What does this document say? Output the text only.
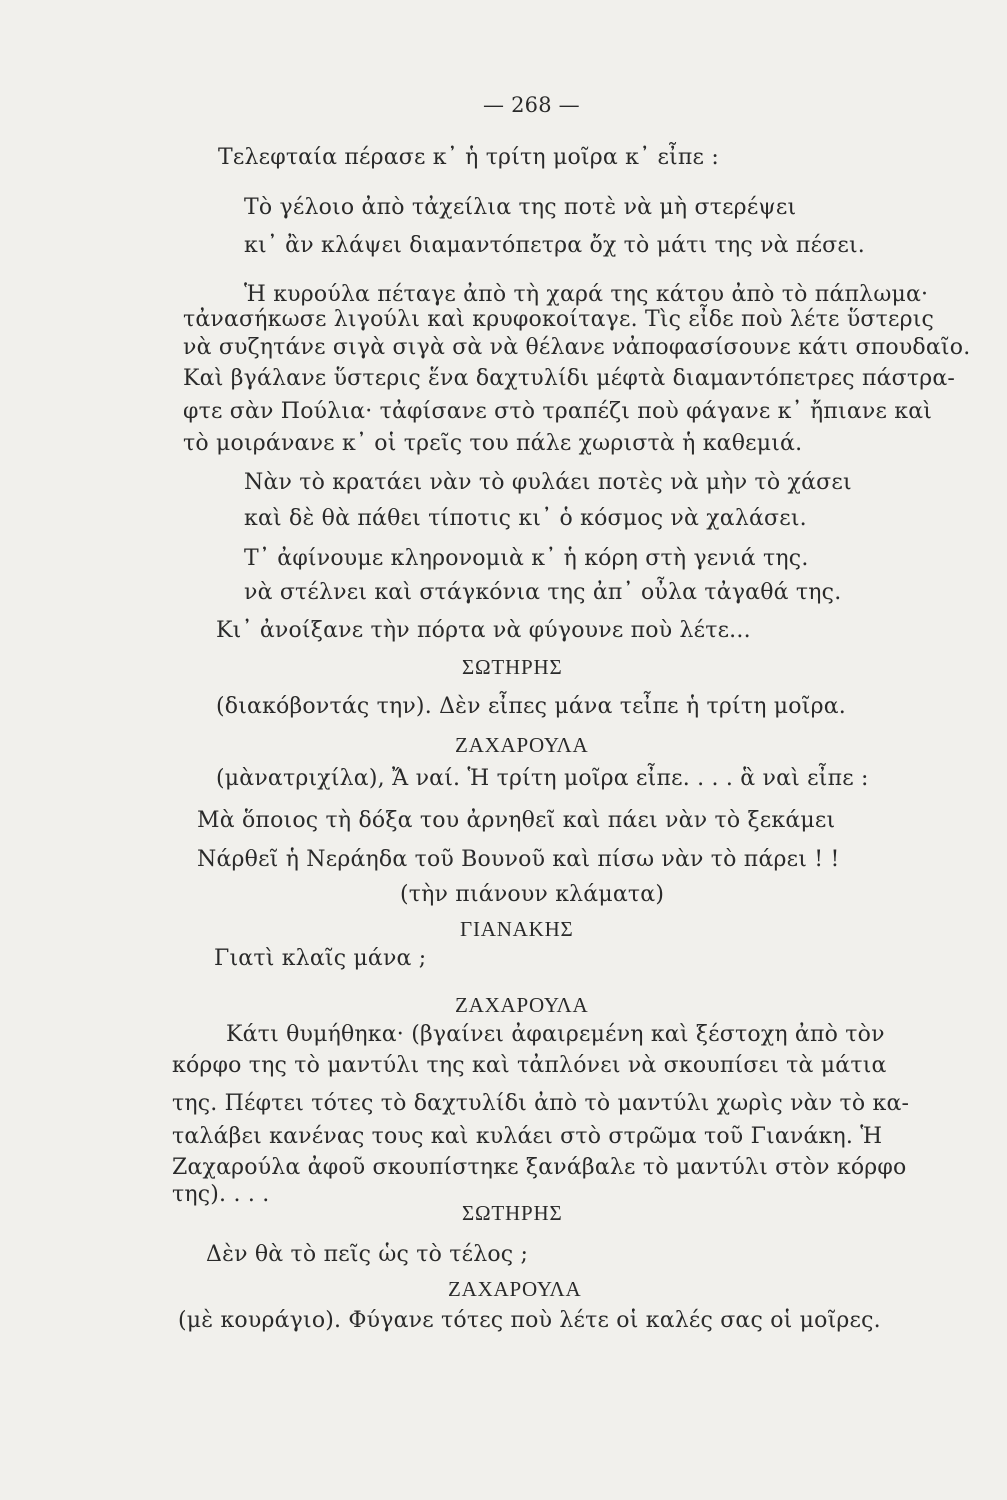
— 268 —
Τελεφταία πέρασε κ᾽ ἡ τρίτη μοῖρα κ᾽ εἶπε :
Τὸ γέλοιο ἀπὸ τἀχείλια της ποτὲ νὰ μὴ στερέψει
κι᾽ ἂν κλάψει διαμαντόπετρα ὄχ τὸ μάτι της νὰ πέσει.
Ἡ κυρούλα πέταγε ἀπὸ τὴ χαρά της κάτου ἀπὸ τὸ πάπλωμα·
τἀνασήκωσε λιγούλι καὶ κρυφοκοίταγε. Τὶς εἶδε ποὺ λέτε ὕστερις
νὰ συζητάνε σιγὰ σιγὰ σὰ νὰ θέλανε νἀποφασίσουνε κάτι σπουδαῖο.
Καὶ βγάλανε ὕστερις ἕνα δαχτυλίδι μέφτὰ διαμαντόπετρες πάστρα-
φτε σὰν Πούλια· τἀφίσανε στὸ τραπέζι ποὺ φάγανε κ᾽ ἤπιανε καὶ
τὸ μοιράνανε κ᾽ οἱ τρεῖς του πάλε χωριστὰ ἡ καθεμιά.
Νὰν τὸ κρατάει νὰν τὸ φυλάει ποτὲς νὰ μὴν τὸ χάσει
καὶ δὲ θὰ πάθει τίποτις κι᾽ ὁ κόσμος νὰ χαλάσει.
Τ᾽ ἀφίνουμε κληρονομιὰ κ᾽ ἡ κόρη στὴ γενιά της.
νὰ στέλνει καὶ στάγκόνια της ἀπ᾽ οὖλα τἀγαθά της.
Κι᾽ ἀνοίξανε τὴν πόρτα νὰ φύγουνε ποὺ λέτε...
ΣΩΤΗΡΗΣ
(διακόβοντάς την). Δὲν εἶπες μάνα τεἶπε ἡ τρίτη μοῖρα.
ΖΑΧΑΡΟΥΛΑ
(μὰνατριχίλα), Ἄ ναί. Ἡ τρίτη μοῖρα εἶπε. . . . ἃ ναὶ εἶπε :
Μὰ ὅποιος τὴ δόξα του ἀρνηθεῖ καὶ πάει νὰν τὸ ξεκάμει
Νάρθεῖ ἡ Νεράηδα τοῦ Βουνοῦ καὶ πίσω νὰν τὸ πάρει ! !
(τὴν πιάνουν κλάματα)
ΓΙΑΝΑΚΗΣ
Γιατὶ κλαῖς μάνα ;
ΖΑΧΑΡΟΥΛΑ
Κάτι θυμήθηκα· (βγαίνει ἀφαιρεμένη καὶ ξέστοχη ἀπὸ τὸν
κόρφο της τὸ μαντύλι της καὶ τἀπλόνει νὰ σκουπίσει τὰ μάτια
της. Πέφτει τότες τὸ δαχτυλίδι ἀπὸ τὸ μαντύλι χωρὶς νὰν τὸ κα-
ταλάβει κανένας τους καὶ κυλάει στὸ στρῶμα τοῦ Γιανάκη. Ἡ
Ζαχαρούλα ἀφοῦ σκουπίστηκε ξανάβαλε τὸ μαντύλι στὸν κόρφο
της). . . .
ΣΩΤΗΡΗΣ
Δὲν θὰ τὸ πεῖς ὡς τὸ τέλος ;
ΖΑΧΑΡΟΥΛΑ
(μὲ κουράγιο). Φύγανε τότες ποὺ λέτε οἱ καλές σας οἱ μοῖρες.
